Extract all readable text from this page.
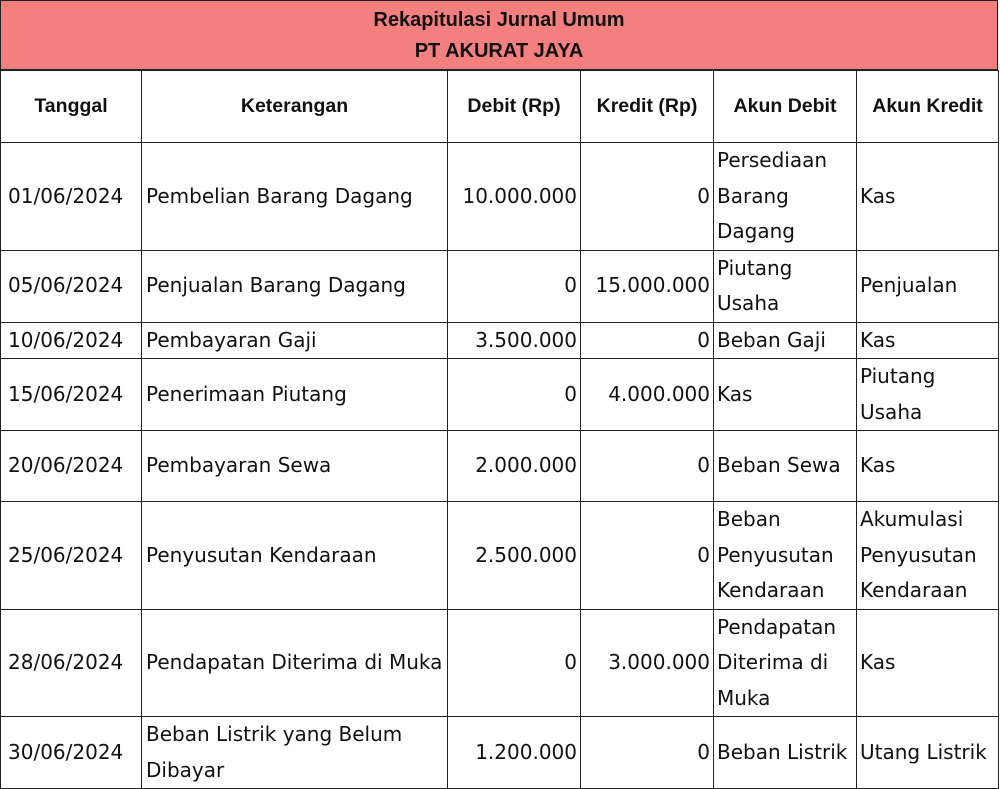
Rekapitulasi Jurnal Umum
PT AKURAT JAYA
Tanggal	Keterangan	Debit (Rp)	Kredit (Rp)	Akun Debit	Akun Kredit
01/06/2024	Pembelian Barang Dagang	10.000.000	0	Persediaan Barang Dagang	Kas
05/06/2024	Penjualan Barang Dagang	0	15.000.000	Piutang Usaha	Penjualan
10/06/2024	Pembayaran Gaji	3.500.000	0	Beban Gaji	Kas
15/06/2024	Penerimaan Piutang	0	4.000.000	Kas	Piutang Usaha
20/06/2024	Pembayaran Sewa	2.000.000	0	Beban Sewa	Kas
25/06/2024	Penyusutan Kendaraan	2.500.000	0	Beban Penyusutan Kendaraan	Akumulasi Penyusutan Kendaraan
28/06/2024	Pendapatan Diterima di Muka	0	3.000.000	Pendapatan Diterima di Muka	Kas
30/06/2024	Beban Listrik yang Belum Dibayar	1.200.000	0	Beban Listrik	Utang Listrik
